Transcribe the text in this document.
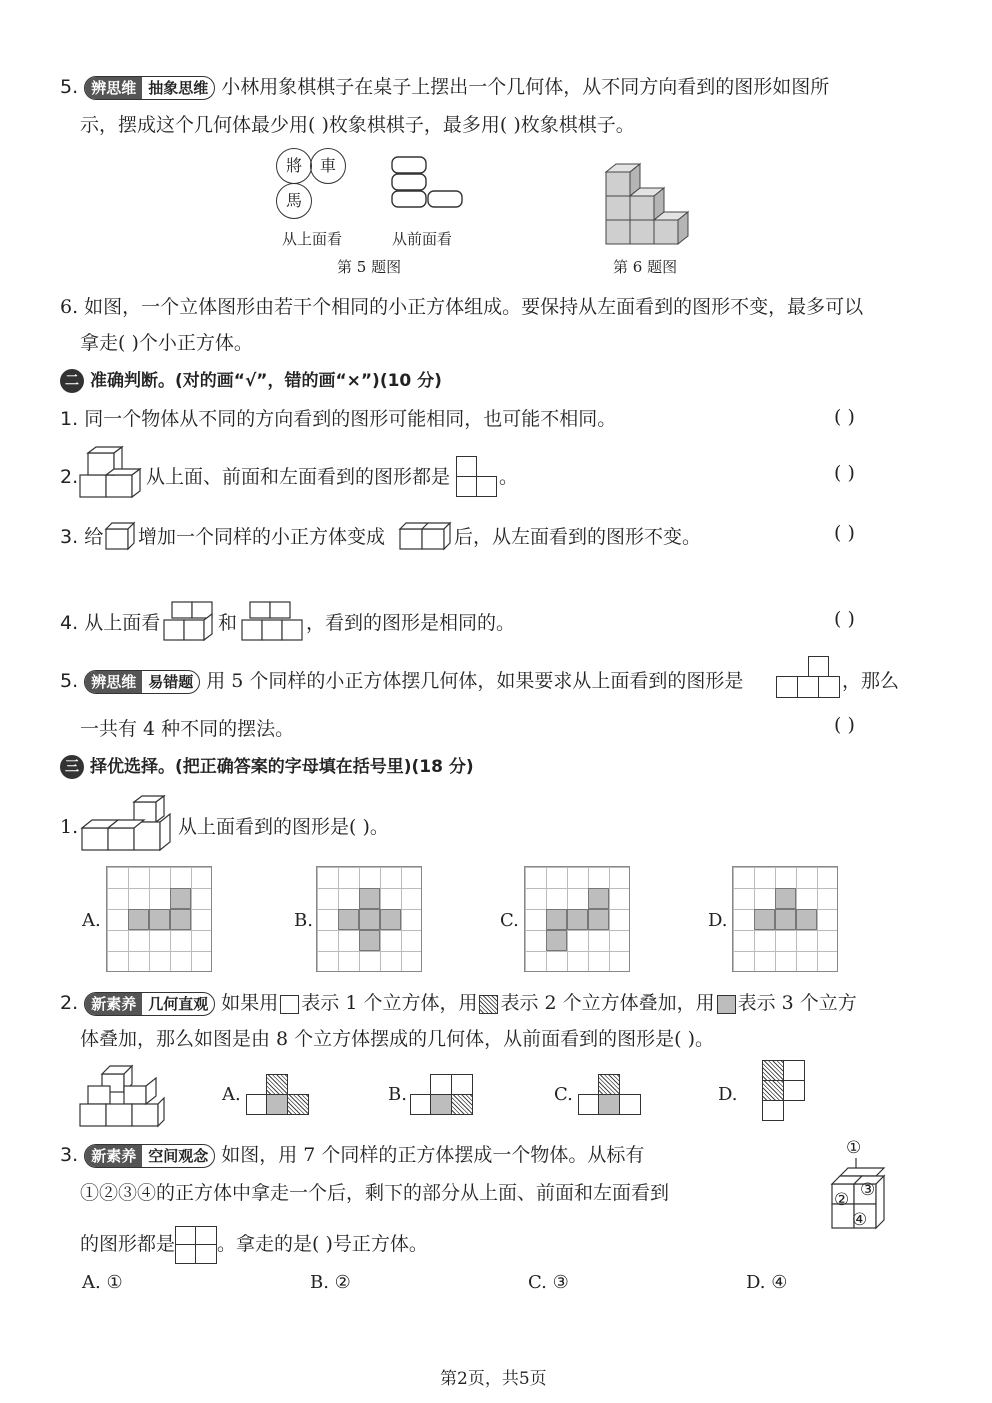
5. 辨思维 抽象思维 小林用象棋棋子在桌子上摆出一个几何体，从不同方向看到的图形如图所
示，摆成这个几何体最少用( )枚象棋棋子，最多用( )枚象棋棋子。
將	車
馬
从上面看	从前面看
第 5 题图	第 6 题图
6. 如图，一个立体图形由若干个相同的小正方体组成。要保持从左面看到的图形不变，最多可以
拿走( )个小正方体。
二 准确判断。(对的画“√”，错的画“×”)(10 分)
1. 同一个物体从不同的方向看到的图形可能相同，也可能不相同。	( )
2.	从上面、前面和左面看到的图形都是	。	( )
3. 给 增加一个同样的小正方体变成	后，从左面看到的图形不变。	( )
4. 从上面看	和	，看到的图形是相同的。	( )
5. 辨思维 易错题 用 5 个同样的小正方体摆几何体，如果要求从上面看到的图形是	，那么
一共有 4 种不同的摆法。	( )
三 择优选择。(把正确答案的字母填在括号里)(18 分)
1.	从上面看到的图形是( )。
A.	B.	C.	D.
2. 新素养 几何直观 如果用 表示 1 个立方体，用 表示 2 个立方体叠加，用 表示 3 个立方
体叠加，那么如图是由 8 个立方体摆成的几何体，从前面看到的图形是( )。
A.	B.	C.	D.
3. 新素养 空间观念 如图，用 7 个同样的正方体摆成一个物体。从标有
①②③④的正方体中拿走一个后，剩下的部分从上面、前面和左面看到
的图形都是 。拿走的是( )号正方体。
①
② ③
④
A. ①	B. ②	C. ③	D. ④
第2页，共5页
